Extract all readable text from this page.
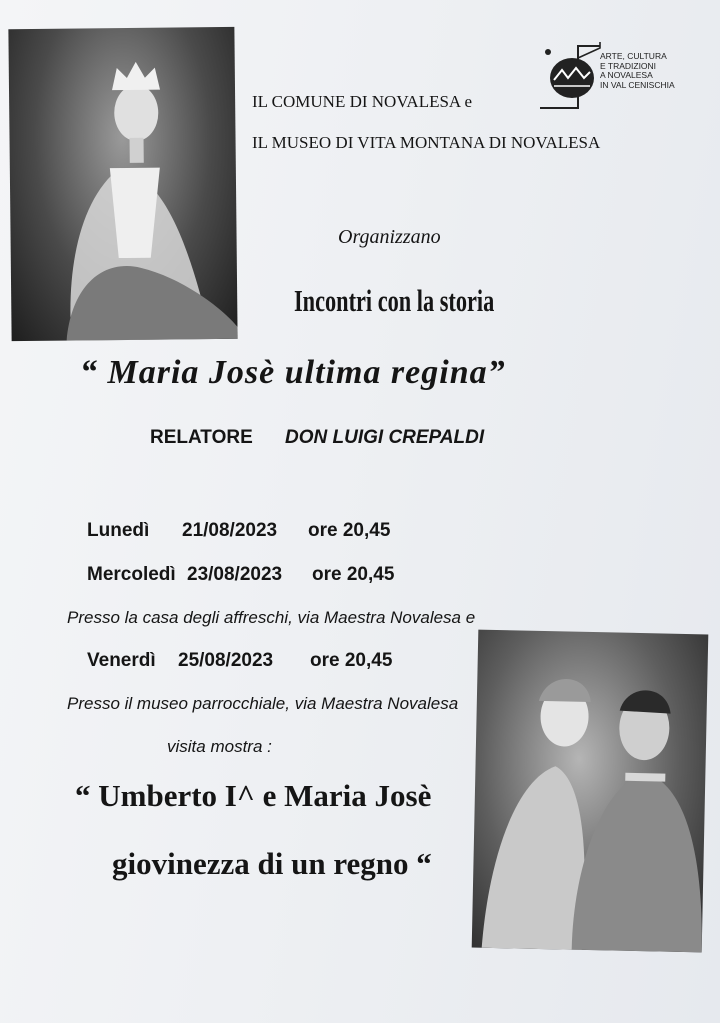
ARTE, CULTURA
E TRADIZIONI
A NOVALESA
IN VAL CENISCHIA
IL COMUNE DI NOVALESA e
IL MUSEO DI VITA MONTANA DI NOVALESA
Organizzano
Incontri con la storia
“ Maria Josè ultima regina”
RELATORE DON LUIGI CREPALDI
Lunedì 21/08/2023 ore 20,45
Mercoledì 23/08/2023 ore 20,45
Presso la casa degli affreschi, via Maestra Novalesa e
Venerdì 25/08/2023 ore 20,45
Presso il museo parrocchiale, via Maestra Novalesa
visita mostra :
“ Umberto I^ e Maria Josè
giovinezza di un regno “
